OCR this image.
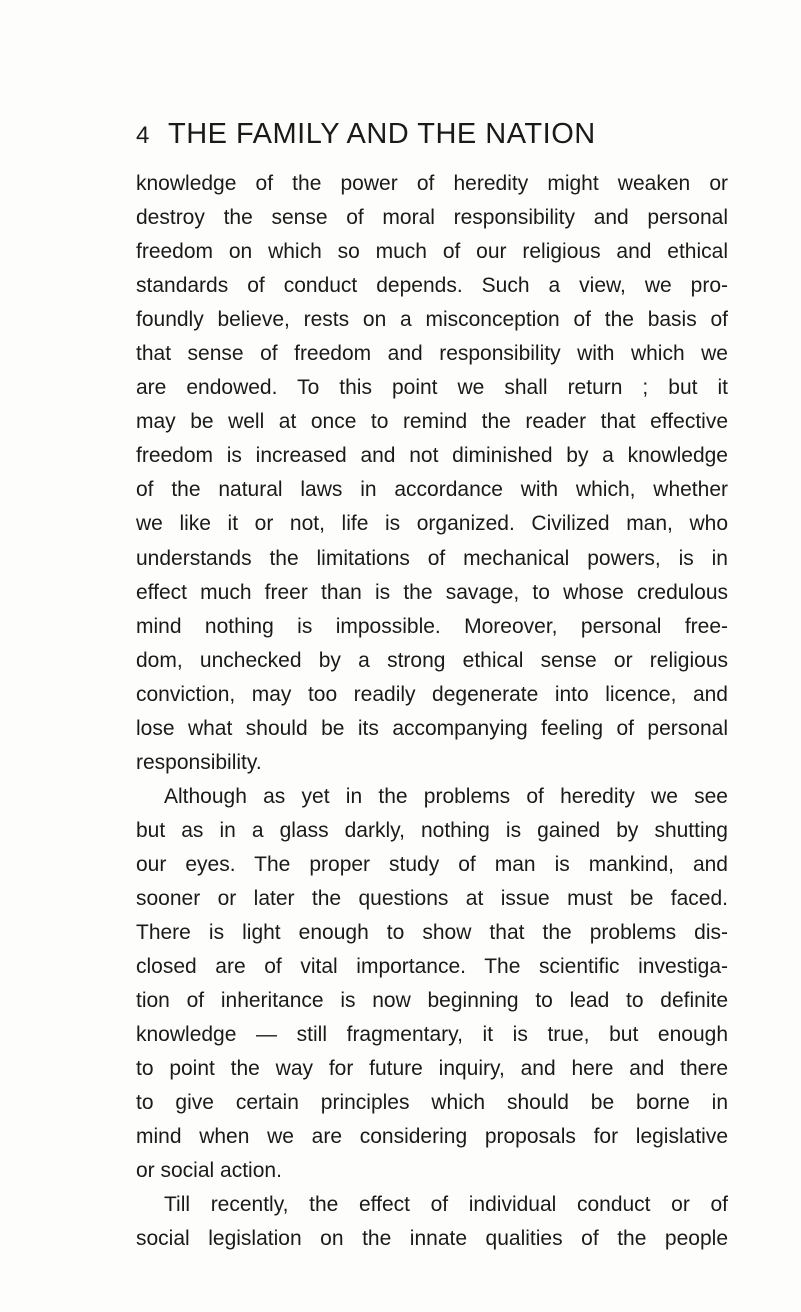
4 THE FAMILY AND THE NATION
knowledge of the power of heredity might weaken or
destroy the sense of moral responsibility and personal
freedom on which so much of our religious and ethical
standards of conduct depends. Such a view, we pro-
foundly believe, rests on a misconception of the basis of
that sense of freedom and responsibility with which we
are endowed. To this point we shall return ; but it
may be well at once to remind the reader that effective
freedom is increased and not diminished by a knowledge
of the natural laws in accordance with which, whether
we like it or not, life is organized. Civilized man, who
understands the limitations of mechanical powers, is in
effect much freer than is the savage, to whose credulous
mind nothing is impossible. Moreover, personal free-
dom, unchecked by a strong ethical sense or religious
conviction, may too readily degenerate into licence, and
lose what should be its accompanying feeling of personal
responsibility.
Although as yet in the problems of heredity we see
but as in a glass darkly, nothing is gained by shutting
our eyes. The proper study of man is mankind, and
sooner or later the questions at issue must be faced.
There is light enough to show that the problems dis-
closed are of vital importance. The scientific investiga-
tion of inheritance is now beginning to lead to definite
knowledge — still fragmentary, it is true, but enough
to point the way for future inquiry, and here and there
to give certain principles which should be borne in
mind when we are considering proposals for legislative
or social action.
Till recently, the effect of individual conduct or of
social legislation on the innate qualities of the people
